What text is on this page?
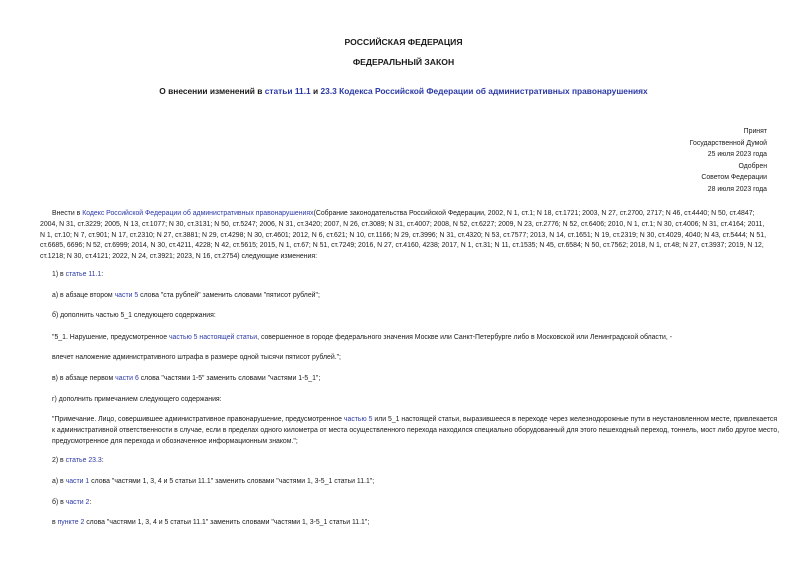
РОССИЙСКАЯ ФЕДЕРАЦИЯ
ФЕДЕРАЛЬНЫЙ ЗАКОН
О внесении изменений в статьи 11.1 и 23.3 Кодекса Российской Федерации об административных правонарушениях
Принят
Государственной Думой
25 июля 2023 года
Одобрен
Советом Федерации
28 июля 2023 года
Внести в Кодекс Российской Федерации об административных правонарушениях(Собрание законодательства Российской Федерации, 2002, N 1, ст.1; N 18, ст.1721; 2003, N 27, ст.2700, 2717; N 46, ст.4440; N 50, ст.4847; 2004, N 31, ст.3229; 2005, N 13, ст.1077; N 30, ст.3131; N 50, ст.5247; 2006, N 31, ст.3420; 2007, N 26, ст.3089; N 31, ст.4007; 2008, N 52, ст.6227; 2009, N 23, ст.2776; N 52, ст.6406; 2010, N 1, ст.1; N 30, ст.4006; N 31, ст.4164; 2011, N 1, ст.10; N 7, ст.901; N 17, ст.2310; N 27, ст.3881; N 29, ст.4298; N 30, ст.4601; 2012, N 6, ст.621; N 10, ст.1166; N 29, ст.3996; N 31, ст.4320; N 53, ст.7577; 2013, N 14, ст.1651; N 19, ст.2319; N 30, ст.4029, 4040; N 43, ст.5444; N 51, ст.6685, 6696; N 52, ст.6999; 2014, N 30, ст.4211, 4228; N 42, ст.5615; 2015, N 1, ст.67; N 51, ст.7249; 2016, N 27, ст.4160, 4238; 2017, N 1, ст.31; N 11, ст.1535; N 45, ст.6584; N 50, ст.7562; 2018, N 1, ст.48; N 27, ст.3937; 2019, N 12, ст.1218; N 30, ст.4121; 2022, N 24, ст.3921; 2023, N 16, ст.2754) следующие изменения:
1) в статье 11.1:
а) в абзаце втором части 5 слова "ста рублей" заменить словами "пятисот рублей";
б) дополнить частью 5_1 следующего содержания:
"5_1. Нарушение, предусмотренное частью 5 настоящей статьи, совершенное в городе федерального значения Москве или Санкт-Петербурге либо в Московской или Ленинградской области, -
влечет наложение административного штрафа в размере одной тысячи пятисот рублей.";
в) в абзаце первом части 6 слова "частями 1-5" заменить словами "частями 1-5_1";
г) дополнить примечанием следующего содержания:
"Примечание. Лицо, совершившее административное правонарушение, предусмотренное частью 5 или 5_1 настоящей статьи, выразившееся в переходе через железнодорожные пути в неустановленном месте, привлекается к административной ответственности в случае, если в пределах одного километра от места осуществленного перехода находился специально оборудованный для этого пешеходный переход, тоннель, мост либо другое место, предусмотренное для перехода и обозначенное информационным знаком.";
2) в статье 23.3:
а) в части 1 слова "частями 1, 3, 4 и 5 статьи 11.1" заменить словами "частями 1, 3-5_1 статьи 11.1";
б) в части 2:
в пункте 2 слова "частями 1, 3, 4 и 5 статьи 11.1" заменить словами "частями 1, 3-5_1 статьи 11.1";
